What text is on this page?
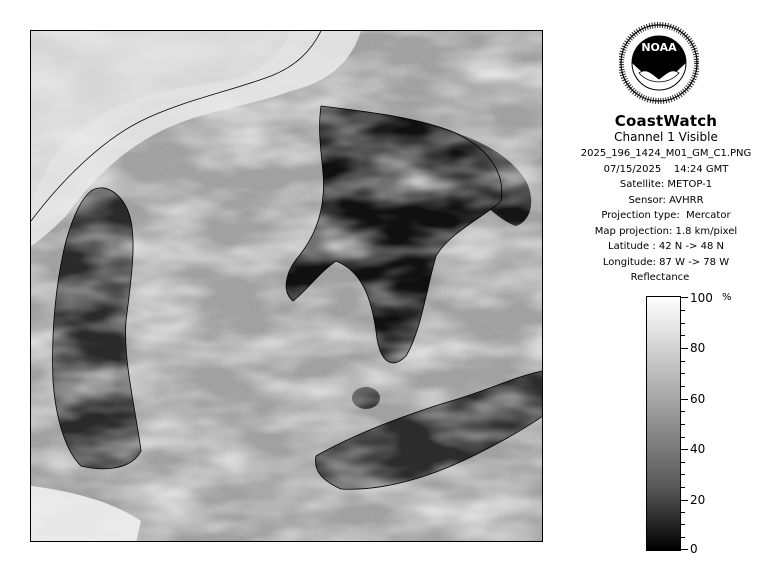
NOAA
CoastWatch
Channel 1 Visible
2025_196_1424_M01_GM_C1.PNG
07/15/2025    14:24 GMT
Satellite: METOP-1
Sensor: AVHRR
Projection type:  Mercator
Map projection: 1.8 km/pixel
Latitude : 42 N -> 48 N
Longitude: 87 W -> 78 W
Reflectance
%
100
80
60
40
20
0
